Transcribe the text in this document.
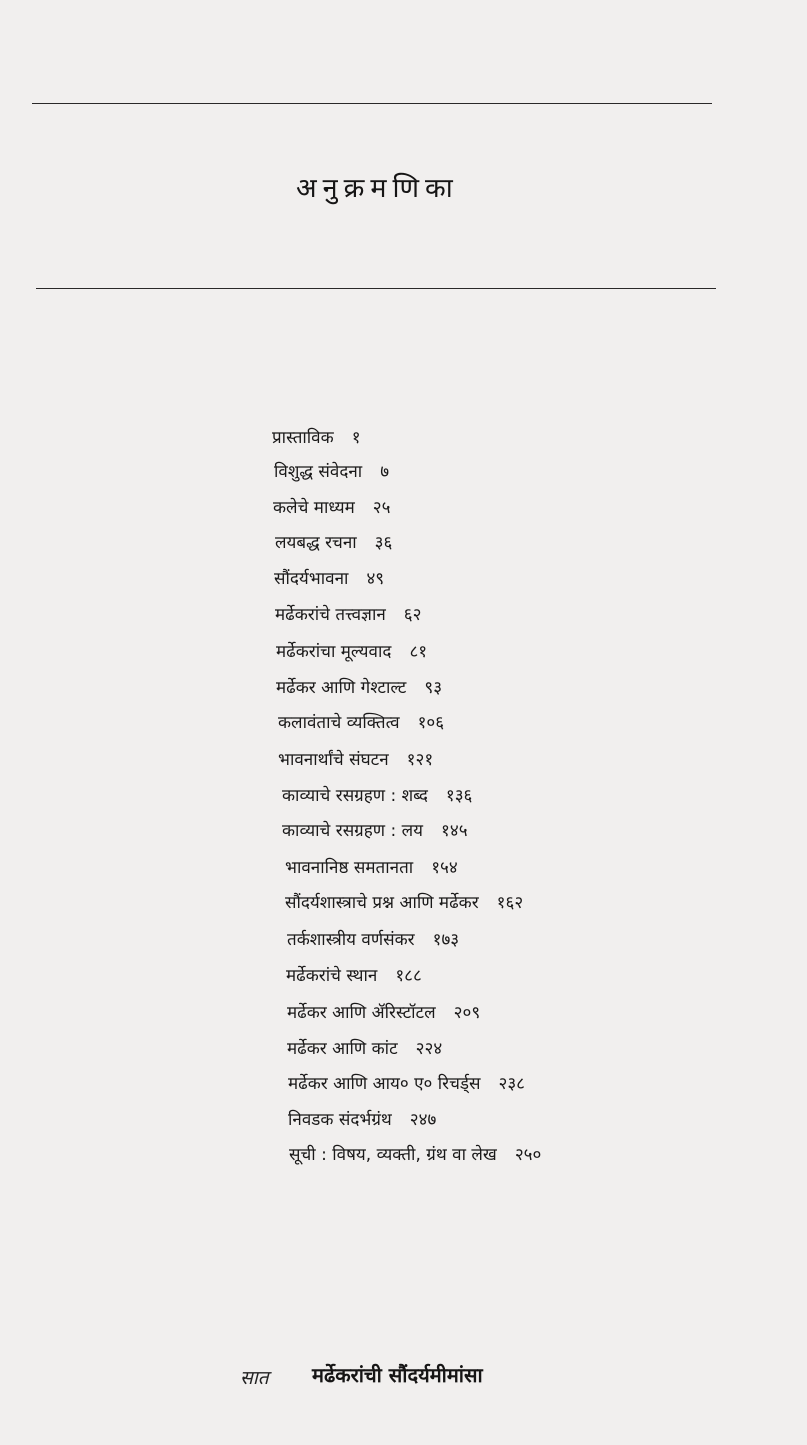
अनुक्रमणिका
प्रास्ताविक १
विशुद्ध संवेदना ७
कलेचे माध्यम २५
लयबद्ध रचना ३६
सौंदर्यभावना ४९
मर्ढेकरांचे तत्त्वज्ञान ६२
मर्ढेकरांचा मूल्यवाद ८१
मर्ढेकर आणि गेश्टाल्ट ९३
कलावंताचे व्यक्तित्व १०६
भावनार्थांचे संघटन १२१
काव्याचे रसग्रहण : शब्द १३६
काव्याचे रसग्रहण : लय १४५
भावनानिष्ठ समतानता १५४
सौंदर्यशास्त्राचे प्रश्न आणि मर्ढेकर १६२
तर्कशास्त्रीय वर्णसंकर १७३
मर्ढेकरांचे स्थान १८८
मर्ढेकर आणि ॲरिस्टॉटल २०९
मर्ढेकर आणि कांट २२४
मर्ढेकर आणि आय० ए० रिचर्ड्स २३८
निवडक संदर्भग्रंथ २४७
सूची : विषय, व्यक्ती, ग्रंथ वा लेख २५०
सात मर्ढेकरांची सौंदर्यमीमांसा
